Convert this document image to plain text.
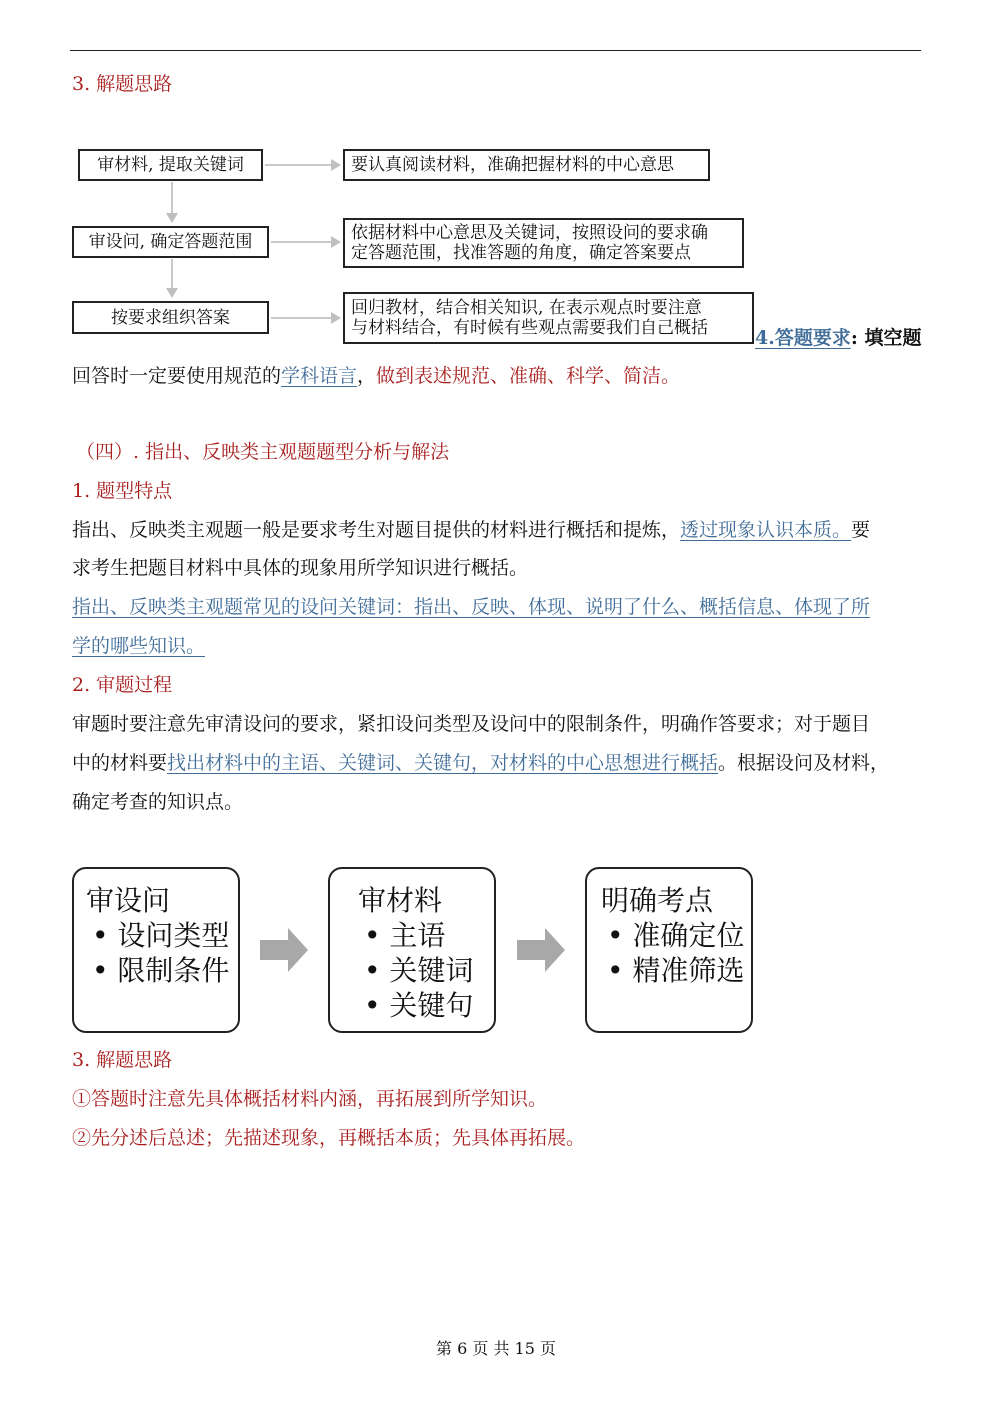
3. 解题思路
审材料, 提取关键词
审设问, 确定答题范围
按要求组织答案
要认真阅读材料，准确把握材料的中心意思
依据材料中心意思及关键词，按照设问的要求确
定答题范围，找准答题的角度，确定答案要点
回归教材，结合相关知识, 在表示观点时要注意
与材料结合，有时候有些观点需要我们自己概括 4.答题要求: 填空题
回答时一定要使用规范的学科语言，做到表述规范、准确、科学、简洁。
（四）. 指出、反映类主观题题型分析与解法
1. 题型特点
指出、反映类主观题一般是要求考生对题目提供的材料进行概括和提炼，透过现象认识本质。要
求考生把题目材料中具体的现象用所学知识进行概括。
指出、反映类主观题常见的设问关键词：指出、反映、体现、说明了什么、概括信息、体现了所
学的哪些知识。
2. 审题过程
审题时要注意先审清设问的要求，紧扣设问类型及设问中的限制条件，明确作答要求；对于题目
中的材料要找出材料中的主语、关键词、关键句，对材料的中心思想进行概括。根据设问及材料，
确定考查的知识点。
审设问
• 设问类型
• 限制条件
审材料
• 主语
• 关键词
• 关键句
明确考点
• 准确定位
• 精准筛选
3. 解题思路
①答题时注意先具体概括材料内涵，再拓展到所学知识。
②先分述后总述；先描述现象，再概括本质；先具体再拓展。
第 6 页 共 15 页
